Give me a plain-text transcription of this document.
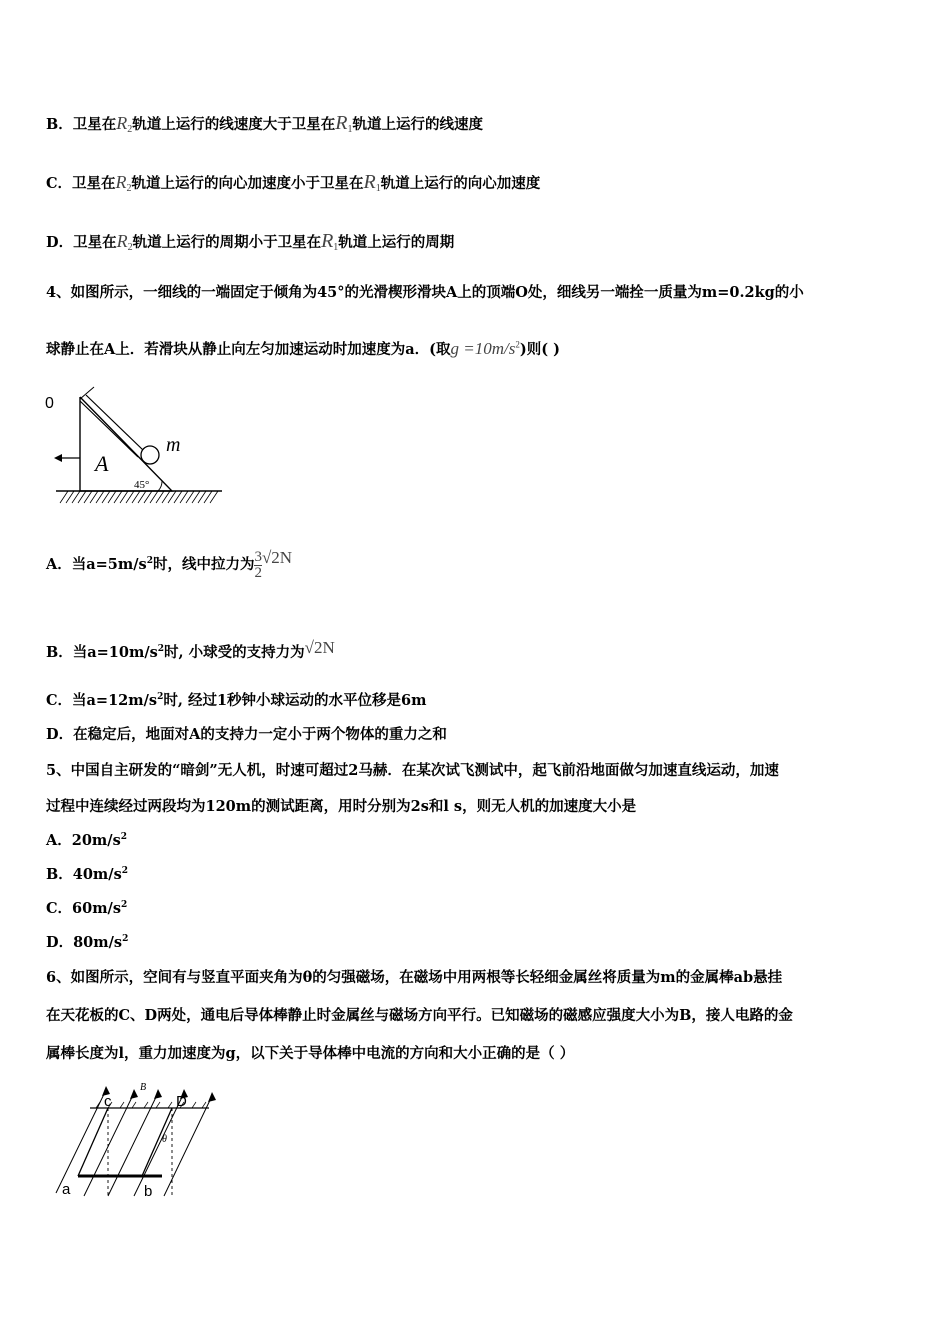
B．卫星在$R_2$轨道上运行的线速度大于卫星在$R_1$轨道上运行的线速度
C．卫星在$R_2$轨道上运行的向心加速度小于卫星在$R_1$轨道上运行的向心加速度
D．卫星在$R_2$轨道上运行的周期小于卫星在$R_1$轨道上运行的周期
4、如图所示，一细线的一端固定于倾角为45°的光滑楔形滑块A上的顶端O处，细线另一端拴一质量为m=0.2kg的小
球静止在A上．若滑块从静止向左匀加速运动时加速度为a．(取$g =10m/s^2$)则( )
0
m
A
45°
A．当$a=5m/s^2$时，线中拉力为 $\frac{3}{2} √2N$
B．当$a=10m/s^2$时, 小球受的支持力为√2N
C．当$a=12m/s^2$时, 经过1秒钟小球运动的水平位移是6m
D．在稳定后，地面对A的支持力一定小于两个物体的重力之和
5、中国自主研发的“暗剑”无人机，时速可超过2马赫．在某次试飞测试中，起飞前沿地面做匀加速直线运动，加速
过程中连续经过两段均为120m的测试距离，用时分别为2s和l s，则无人机的加速度大小是
A．$20m/s^2$
B．$40m/s^2$
C．$60m/s^2$
D．$80m/s^2$
6、如图所示，空间有与竖直平面夹角为θ的匀强磁场，在磁场中用两根等长轻细金属丝将质量为m的金属棒ab悬挂
在天花板的C、D两处，通电后导体棒静止时金属丝与磁场方向平行。已知磁场的磁感应强度大小为B，接人电路的金
属棒长度为l，重力加速度为g，以下关于导体棒中电流的方向和大小正确的是（ ）
c	D
B
θ
a	b
